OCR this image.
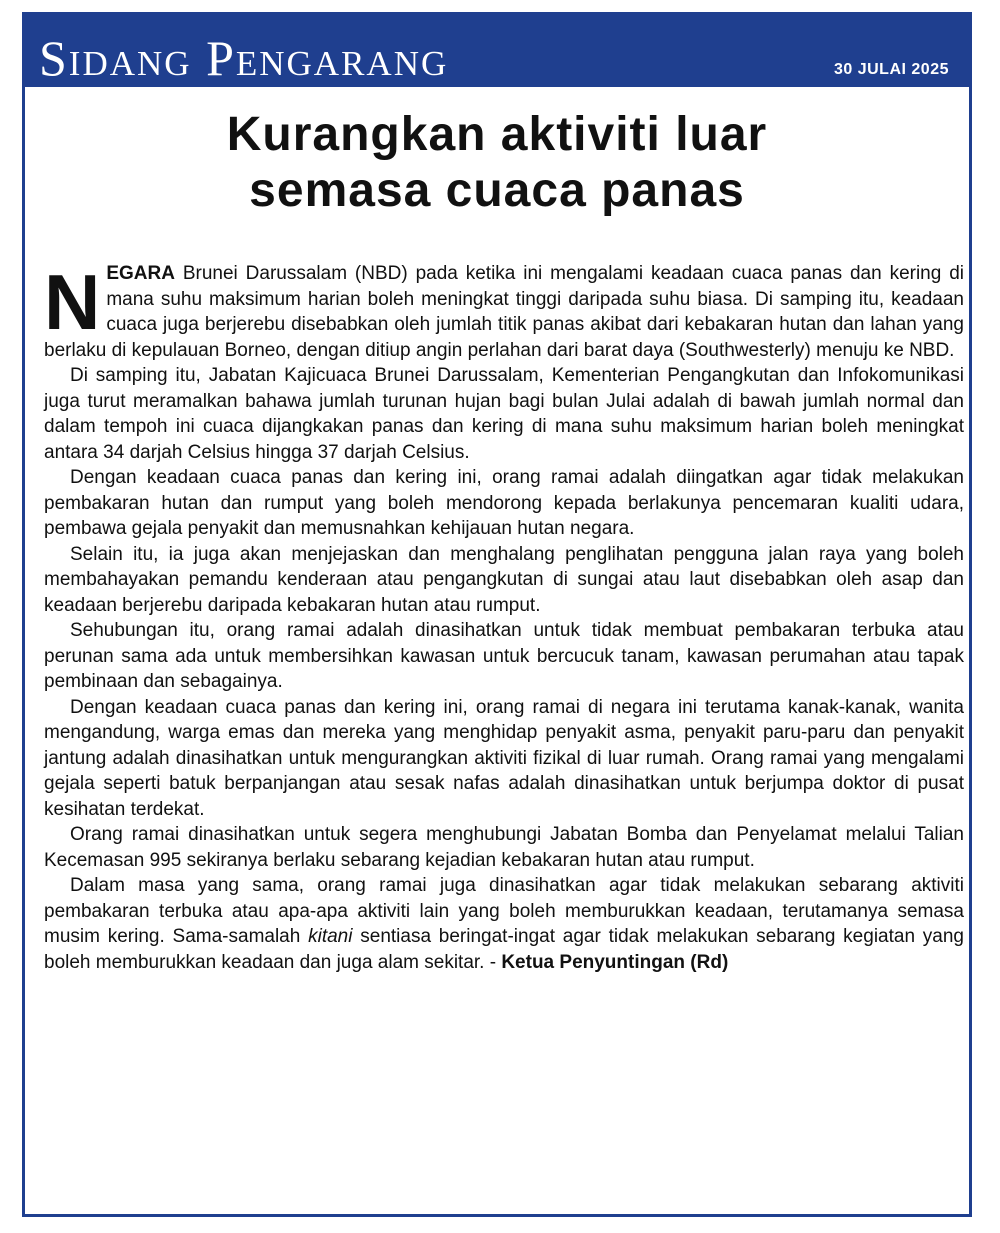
Sidang Pengarang	30 JULAI 2025
Kurangkan aktiviti luar
semasa cuaca panas

NEGARA Brunei Darussalam (NBD) pada ketika ini mengalami keadaan cuaca panas dan kering di mana suhu maksimum harian boleh meningkat tinggi daripada suhu biasa. Di samping itu, keadaan cuaca juga berjerebu disebabkan oleh jumlah titik panas akibat dari kebakaran hutan dan lahan yang berlaku di kepulauan Borneo, dengan ditiup angin perlahan dari barat daya (Southwesterly) menuju ke NBD.

Di samping itu, Jabatan Kajicuaca Brunei Darussalam, Kementerian Pengangkutan dan Infokomunikasi juga turut meramalkan bahawa jumlah turunan hujan bagi bulan Julai adalah di bawah jumlah normal dan dalam tempoh ini cuaca dijangkakan panas dan kering di mana suhu maksimum harian boleh meningkat antara 34 darjah Celsius hingga 37 darjah Celsius.

Dengan keadaan cuaca panas dan kering ini, orang ramai adalah diingatkan agar tidak melakukan pembakaran hutan dan rumput yang boleh mendorong kepada berlakunya pencemaran kualiti udara, pembawa gejala penyakit dan memusnahkan kehijauan hutan negara.

Selain itu, ia juga akan menjejaskan dan menghalang penglihatan pengguna jalan raya yang boleh membahayakan pemandu kenderaan atau pengangkutan di sungai atau laut disebabkan oleh asap dan keadaan berjerebu daripada kebakaran hutan atau rumput.

Sehubungan itu, orang ramai adalah dinasihatkan untuk tidak membuat pembakaran terbuka atau perunan sama ada untuk membersihkan kawasan untuk bercucuk tanam, kawasan perumahan atau tapak pembinaan dan sebagainya.

Dengan keadaan cuaca panas dan kering ini, orang ramai di negara ini terutama kanak-kanak, wanita mengandung, warga emas dan mereka yang menghidap penyakit asma, penyakit paru-paru dan penyakit jantung adalah dinasihatkan untuk mengurangkan aktiviti fizikal di luar rumah. Orang ramai yang mengalami gejala seperti batuk berpanjangan atau sesak nafas adalah dinasihatkan untuk berjumpa doktor di pusat kesihatan terdekat.

Orang ramai dinasihatkan untuk segera menghubungi Jabatan Bomba dan Penyelamat melalui Talian Kecemasan 995 sekiranya berlaku sebarang kejadian kebakaran hutan atau rumput.

Dalam masa yang sama, orang ramai juga dinasihatkan agar tidak melakukan sebarang aktiviti pembakaran terbuka atau apa-apa aktiviti lain yang boleh memburukkan keadaan, terutamanya semasa musim kering. Sama-samalah kitani sentiasa beringat-ingat agar tidak melakukan sebarang kegiatan yang boleh memburukkan keadaan dan juga alam sekitar. - Ketua Penyuntingan (Rd)
